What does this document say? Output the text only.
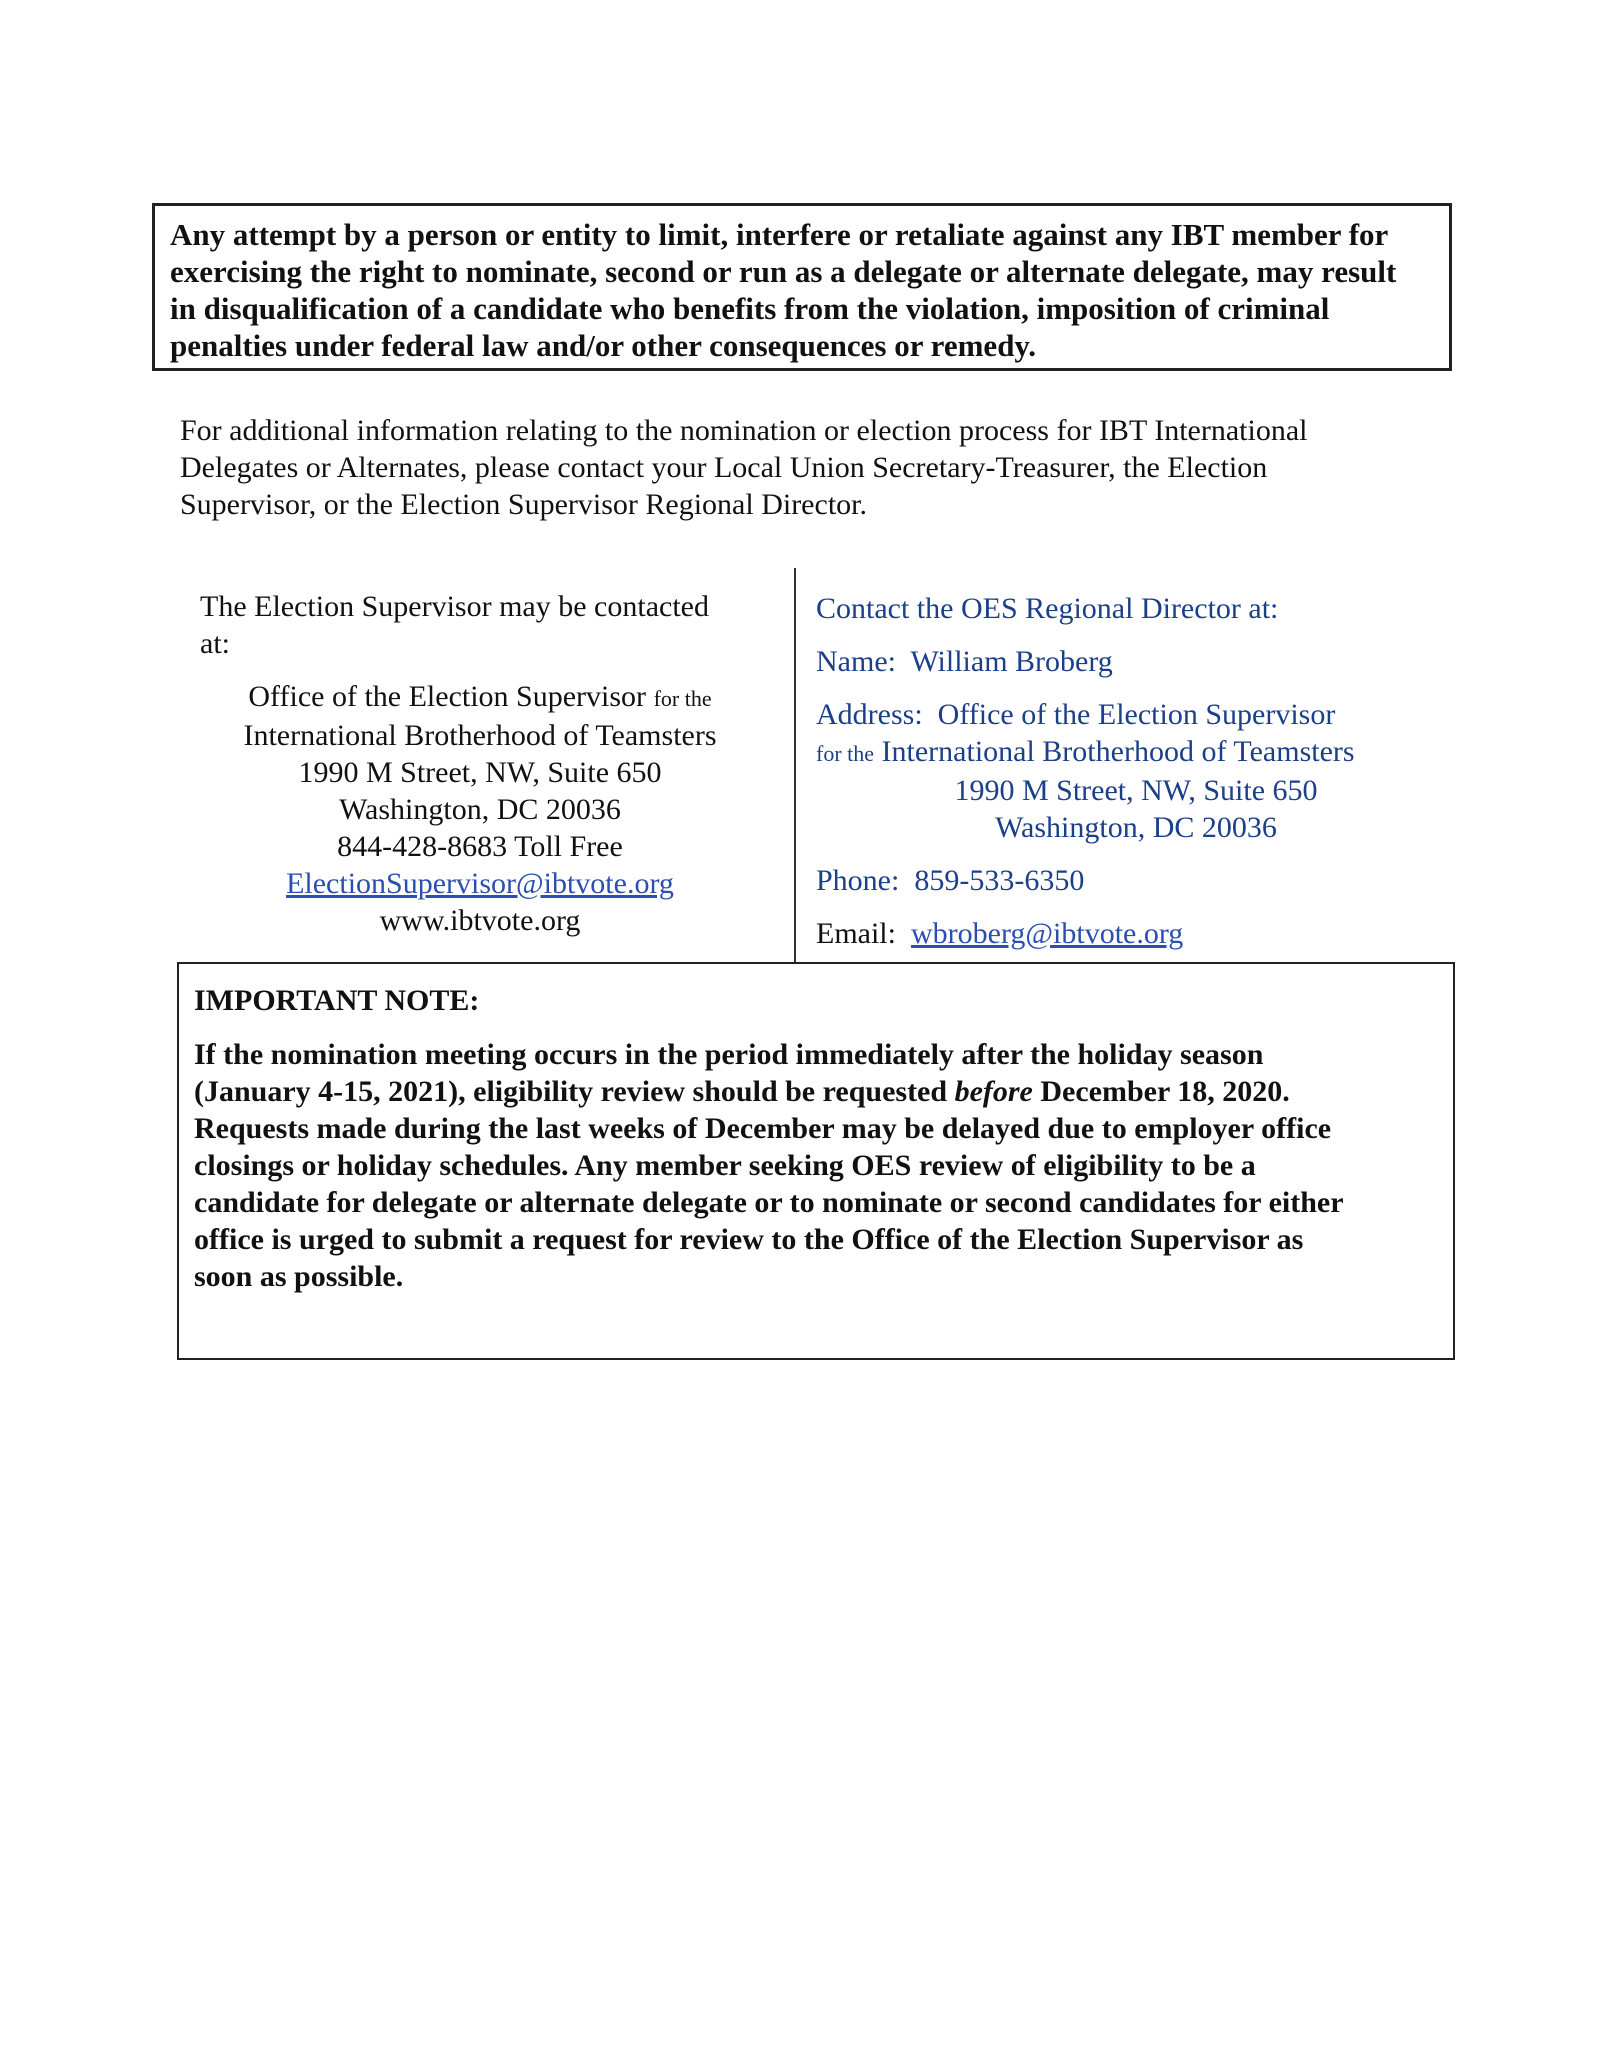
Any attempt by a person or entity to limit, interfere or retaliate against any IBT member for
exercising the right to nominate, second or run as a delegate or alternate delegate, may result
in disqualification of a candidate who benefits from the violation, imposition of criminal
penalties under federal law and/or other consequences or remedy.
For additional information relating to the nomination or election process for IBT International
Delegates or Alternates, please contact your Local Union Secretary-Treasurer, the Election
Supervisor, or the Election Supervisor Regional Director.
The Election Supervisor may be contacted
at:
Office of the Election Supervisor for the
International Brotherhood of Teamsters
1990 M Street, NW, Suite 650
Washington, DC 20036
844-428-8683 Toll Free
ElectionSupervisor@ibtvote.org
www.ibtvote.org
Contact the OES Regional Director at:
Name: William Broberg
Address: Office of the Election Supervisor
for the International Brotherhood of Teamsters
1990 M Street, NW, Suite 650
Washington, DC 20036
Phone: 859-533-6350
Email: wbroberg@ibtvote.org
IMPORTANT NOTE:
If the nomination meeting occurs in the period immediately after the holiday season
(January 4-15, 2021), eligibility review should be requested before December 18, 2020.
Requests made during the last weeks of December may be delayed due to employer office
closings or holiday schedules. Any member seeking OES review of eligibility to be a
candidate for delegate or alternate delegate or to nominate or second candidates for either
office is urged to submit a request for review to the Office of the Election Supervisor as
soon as possible.
